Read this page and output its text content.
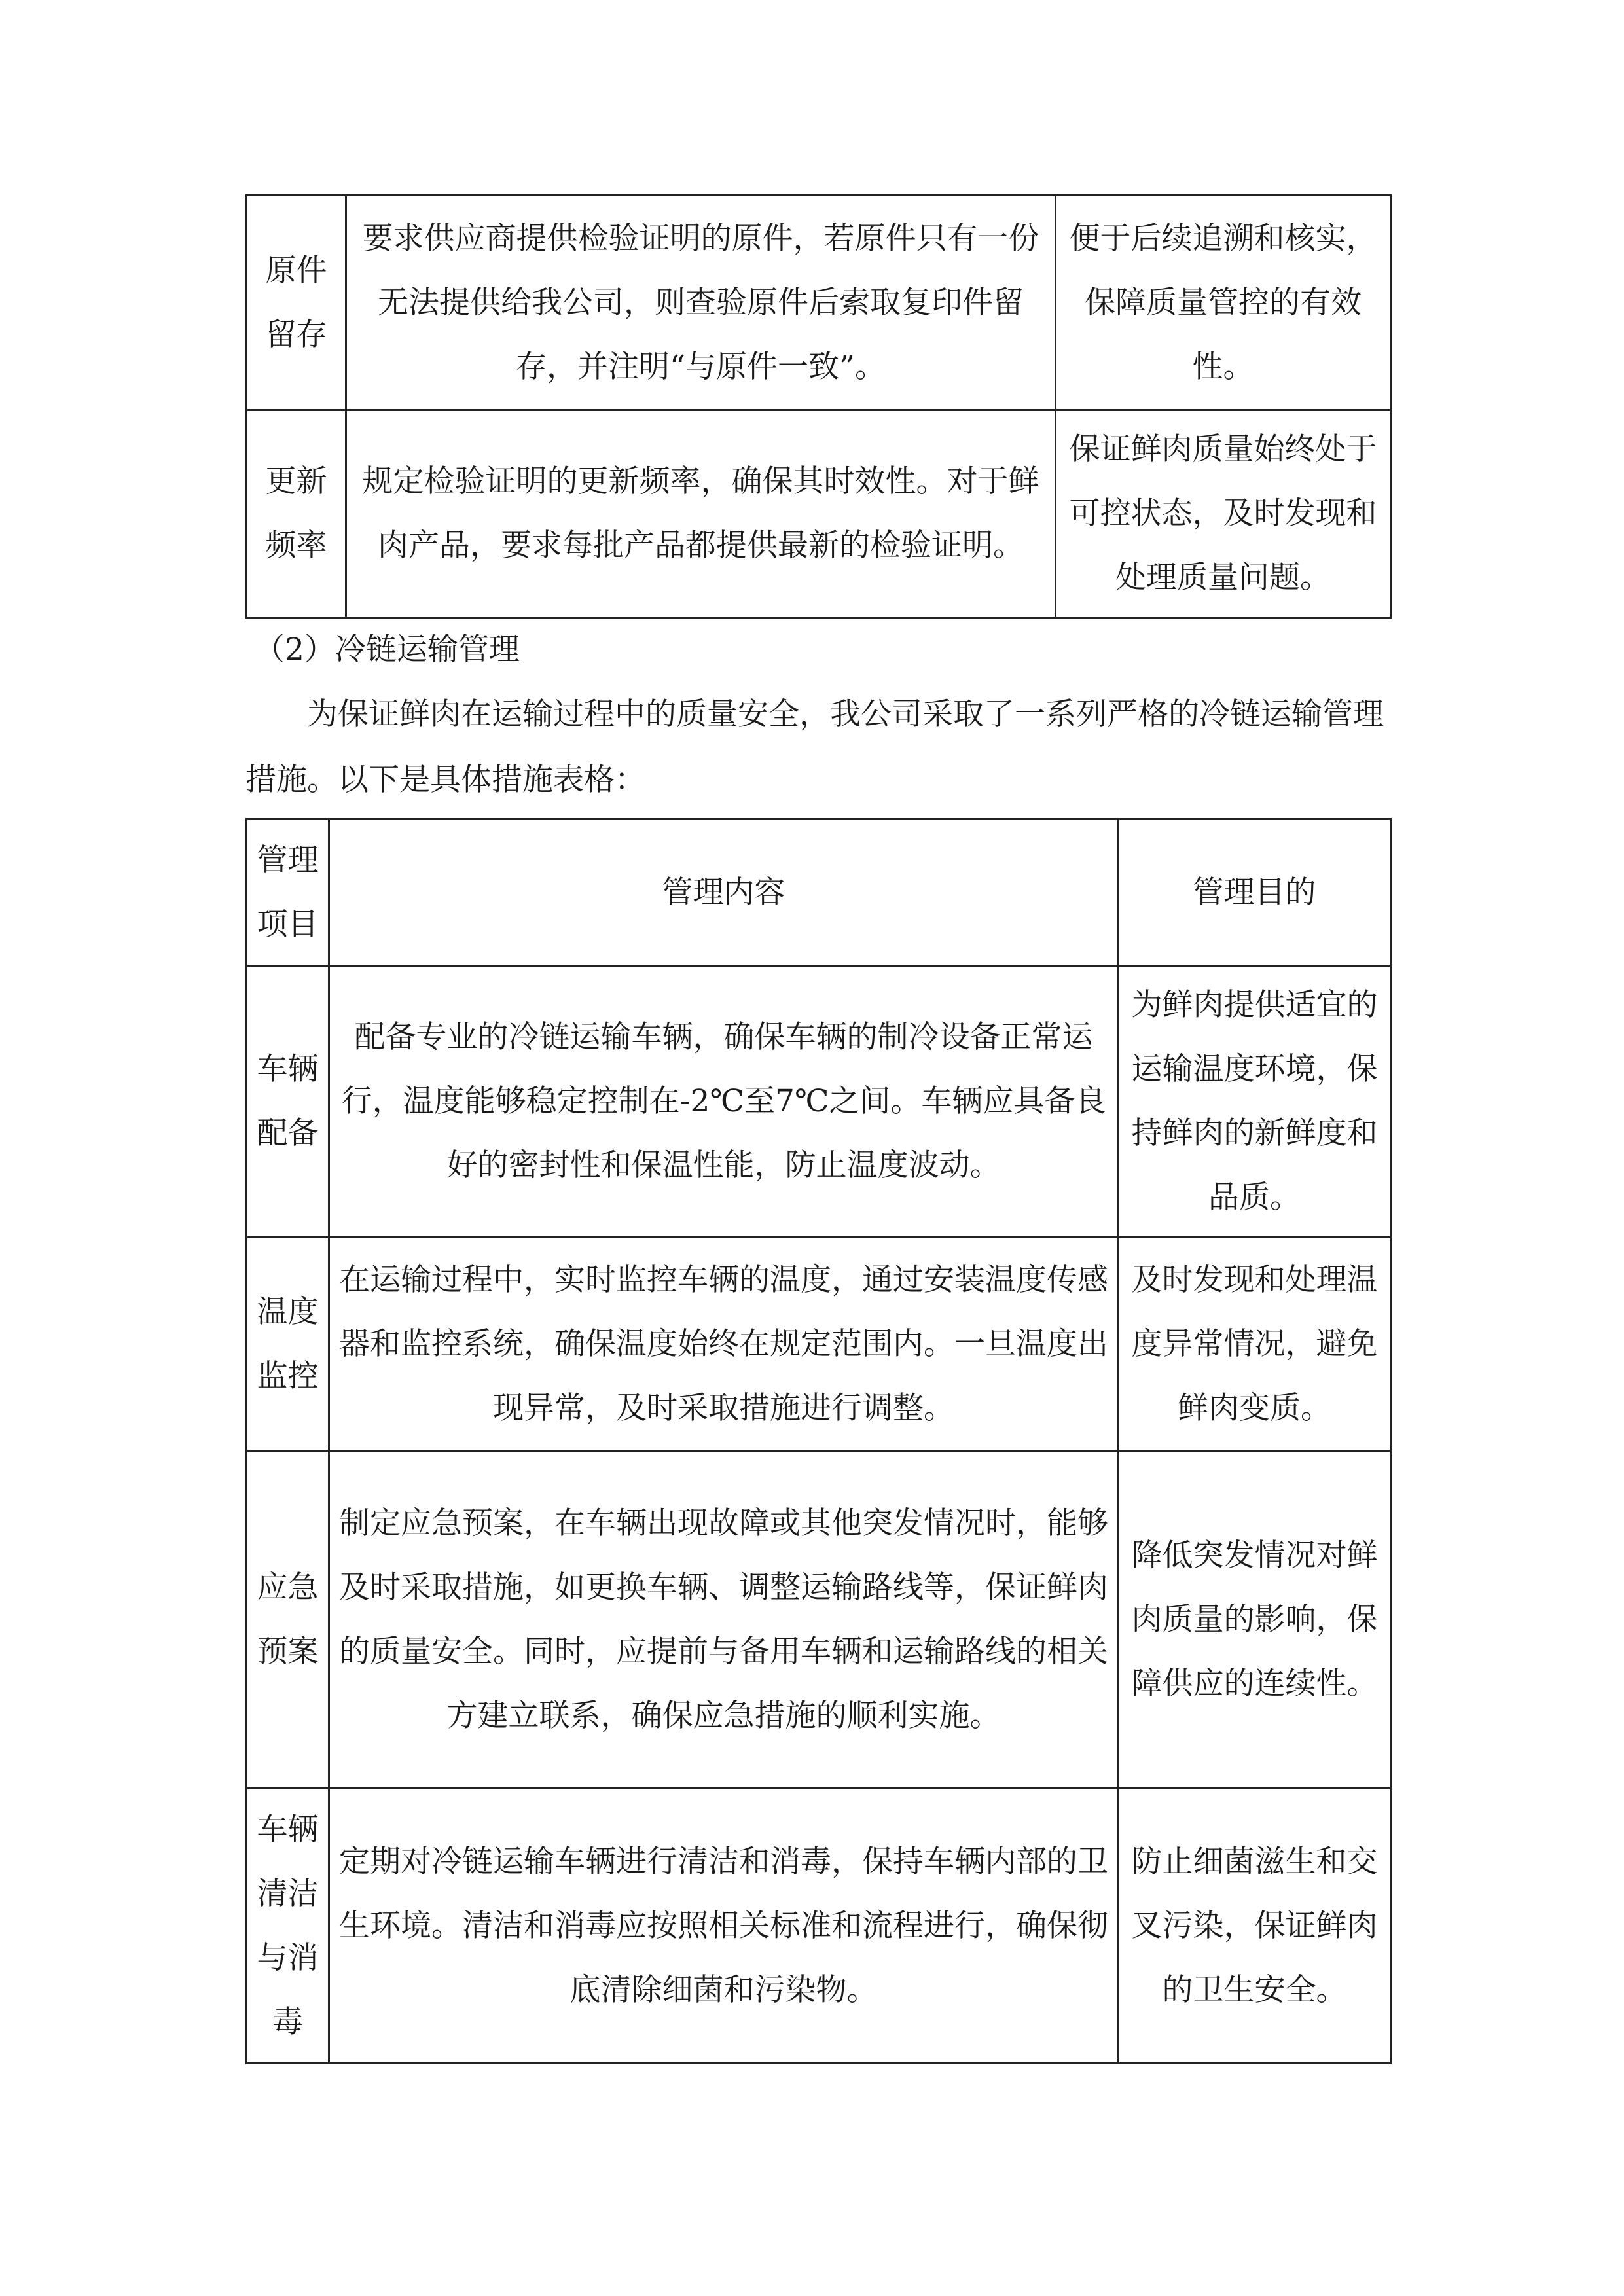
原件留存	要求供应商提供检验证明的原件，若原件只有一份无法提供给我公司，则查验原件后索取复印件留存，并注明“与原件一致”。	便于后续追溯和核实，保障质量管控的有效性。
更新频率	规定检验证明的更新频率，确保其时效性。对于鲜肉产品，要求每批产品都提供最新的检验证明。	保证鲜肉质量始终处于可控状态，及时发现和处理质量问题。
（2）冷链运输管理

为保证鲜肉在运输过程中的质量安全，我公司采取了一系列严格的冷链运输管理措施。以下是具体措施表格：

管理项目	管理内容	管理目的
车辆配备	配备专业的冷链运输车辆，确保车辆的制冷设备正常运行，温度能够稳定控制在-2℃至7℃之间。车辆应具备良好的密封性和保温性能，防止温度波动。	为鲜肉提供适宜的运输温度环境，保持鲜肉的新鲜度和品质。
温度监控	在运输过程中，实时监控车辆的温度，通过安装温度传感器和监控系统，确保温度始终在规定范围内。一旦温度出现异常，及时采取措施进行调整。	及时发现和处理温度异常情况，避免鲜肉变质。
应急预案	制定应急预案，在车辆出现故障或其他突发情况时，能够及时采取措施，如更换车辆、调整运输路线等，保证鲜肉的质量安全。同时，应提前与备用车辆和运输路线的相关方建立联系，确保应急措施的顺利实施。	降低突发情况对鲜肉质量的影响，保障供应的连续性。
车辆清洁与消毒	定期对冷链运输车辆进行清洁和消毒，保持车辆内部的卫生环境。清洁和消毒应按照相关标准和流程进行，确保彻底清除细菌和污染物。	防止细菌滋生和交叉污染，保证鲜肉的卫生安全。
